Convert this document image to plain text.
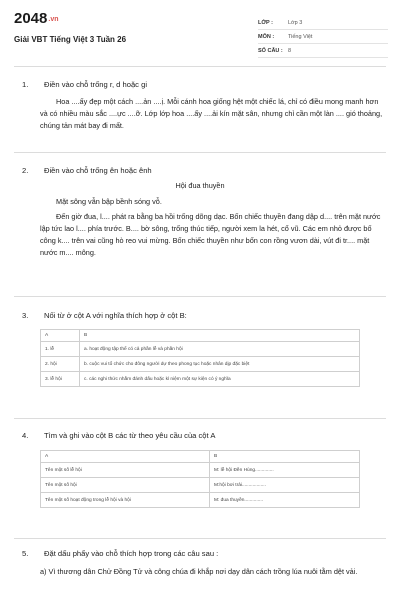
2048.vn
Giải VBT Tiếng Việt 3 Tuần 26
LỚP :	Lớp 3
MÔN :	Tiếng Việt
SỐ CÂU : 8
1.	Điền vào chỗ trống r, d hoặc gi

Hoa ....ấy đẹp một cách ....ản ....ị. Mỗi cánh hoa giống hệt một chiếc lá, chỉ có điều mong manh hơn và có nhiều màu sắc ....ực ....ỡ. Lớp lớp hoa ....ấy ....ải kín mặt sân, nhưng chỉ cần một làn .... gió thoảng, chúng tản mát bay đi mất.

2.	Điền vào chỗ trống ên hoặc ênh
Hội đua thuyền

Mặt sông vẫn bập bềnh sóng vỗ.

Đến giờ đua, l.... phát ra bằng ba hồi trống dõng dạc. Bốn chiếc thuyền đang dập d.... trên mặt nước lập tức lao l.... phía trước. B.... bờ sông, trống thúc tiếp, người xem la hét, cổ vũ. Các em nhỏ được bố công k.... trên vai cũng hò reo vui mừng. Bốn chiếc thuyền như bốn con rồng vươn dài, vút đi tr.... mặt nước m.... mông.

3.	Nối từ ở cột A với nghĩa thích hợp ở cột B:
A	B
1. lễ	a. hoạt động tập thể có cả phần lễ và phần hội
2. hội	b. cuộc vui tổ chức cho đông người dự theo phong tục hoặc nhân dịp đặc biệt
3. lễ hội	c. các nghi thức nhằm đánh dấu hoặc kỉ niệm một sự kiện có ý nghĩa
4.	Tìm và ghi vào cột B các từ theo yêu cầu của cột A
A	B
Tên một số lễ hội	M: lễ hội Đền Hùng..............
Tên một số hội	M:hội bơi trải..................
Tên một số hoạt động trong lễ hội và hội	M: đua thuyền..............
5.	Đặt dấu phẩy vào chỗ thích hợp trong các câu sau :

a) Vì thương dân Chử Đồng Tử và công chúa đi khắp nơi dạy dân cách trồng lúa nuôi tằm dệt vải.
